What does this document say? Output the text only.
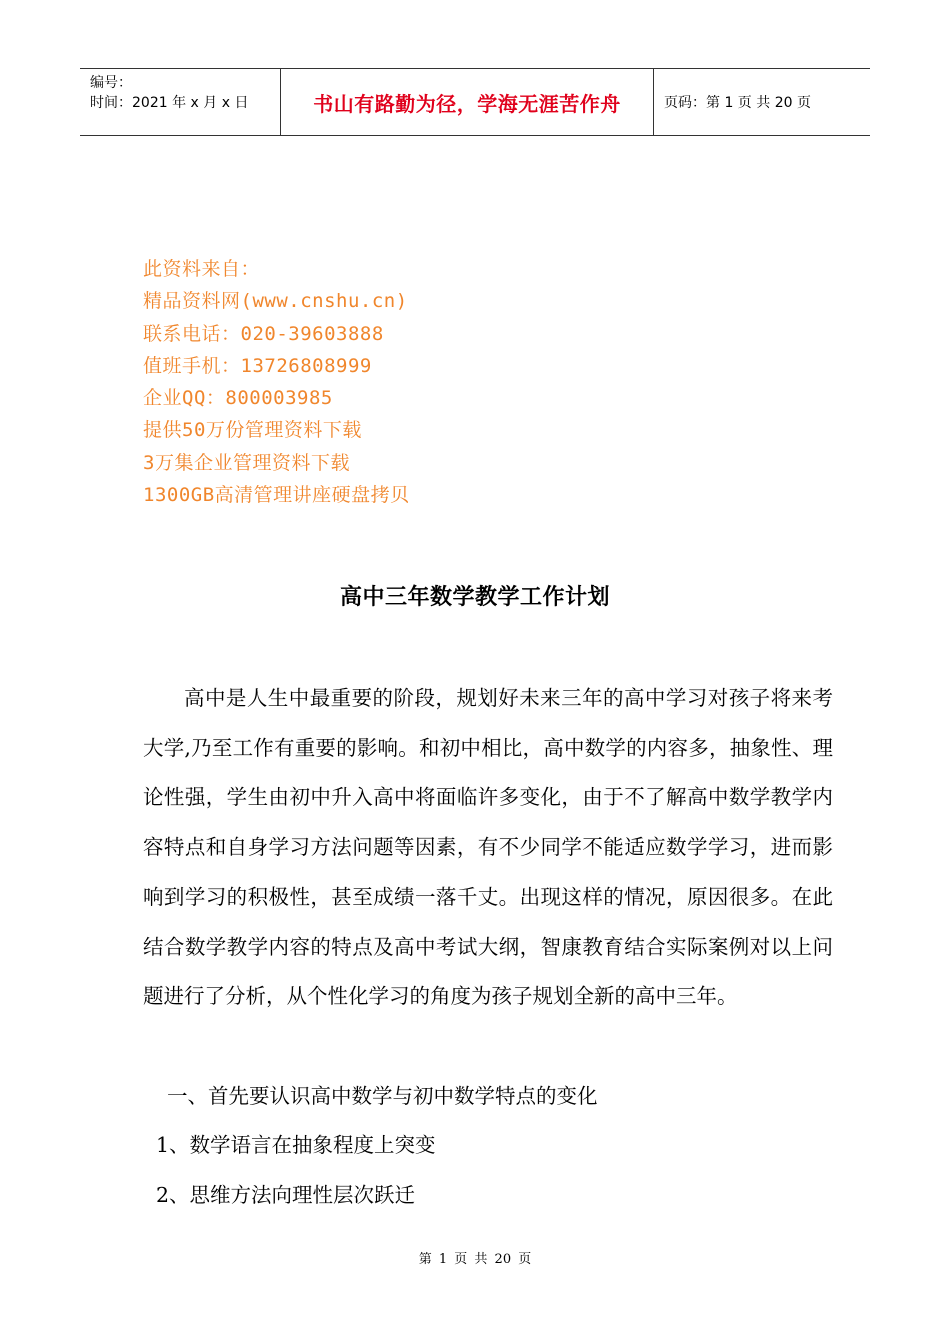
编号：
时间：2021 年 x 月 x 日	书山有路勤为径，学海无涯苦作舟	页码：第 1 页 共 20 页
此资料来自：
精品资料网(www.cnshu.cn)
联系电话：020-39603888
值班手机：13726808999
企业QQ：800003985
提供50万份管理资料下载
3万集企业管理资料下载
1300GB高清管理讲座硬盘拷贝
高中三年数学教学工作计划
高中是人生中最重要的阶段，规划好未来三年的高中学习对孩子将来考大学,乃至工作有重要的影响。和初中相比，高中数学的内容多，抽象性、理论性强，学生由初中升入高中将面临许多变化，由于不了解高中数学教学内容特点和自身学习方法问题等因素，有不少同学不能适应数学学习，进而影响到学习的积极性，甚至成绩一落千丈。出现这样的情况，原因很多。在此结合数学教学内容的特点及高中考试大纲，智康教育结合实际案例对以上问题进行了分析，从个性化学习的角度为孩子规划全新的高中三年。
一、首先要认识高中数学与初中数学特点的变化
1、数学语言在抽象程度上突变
2、思维方法向理性层次跃迁
第 1 页 共 20 页
